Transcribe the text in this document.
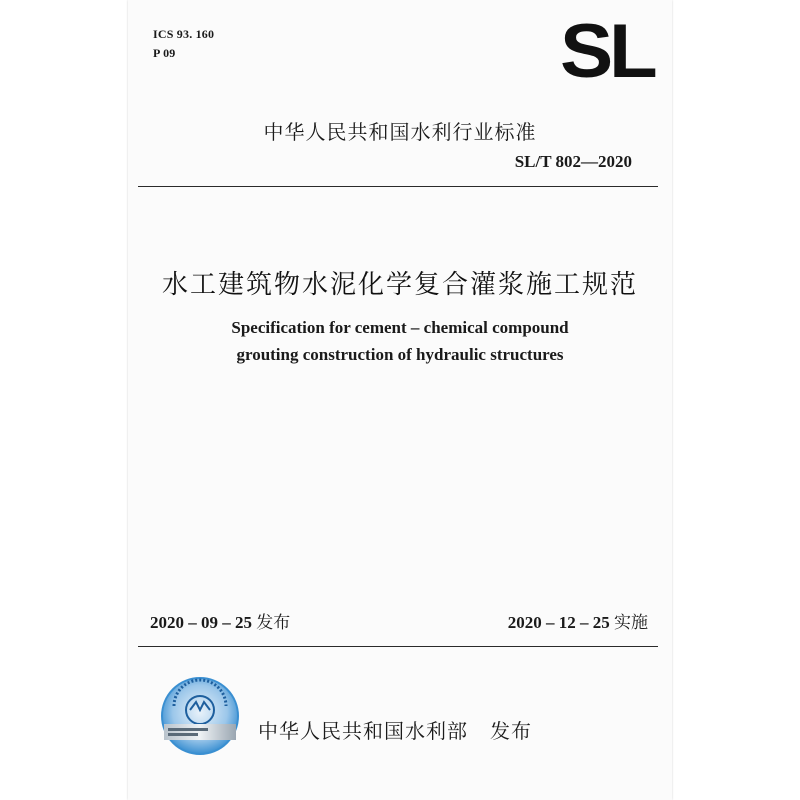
ICS 93. 160
P 09	SL
中华人民共和国水利行业标准
SL/T 802—2020
水工建筑物水泥化学复合灌浆施工规范
Specification for cement – chemical compound
grouting construction of hydraulic structures
2020 – 09 – 25 发布	2020 – 12 – 25 实施
中华人民共和国水利部 发布
